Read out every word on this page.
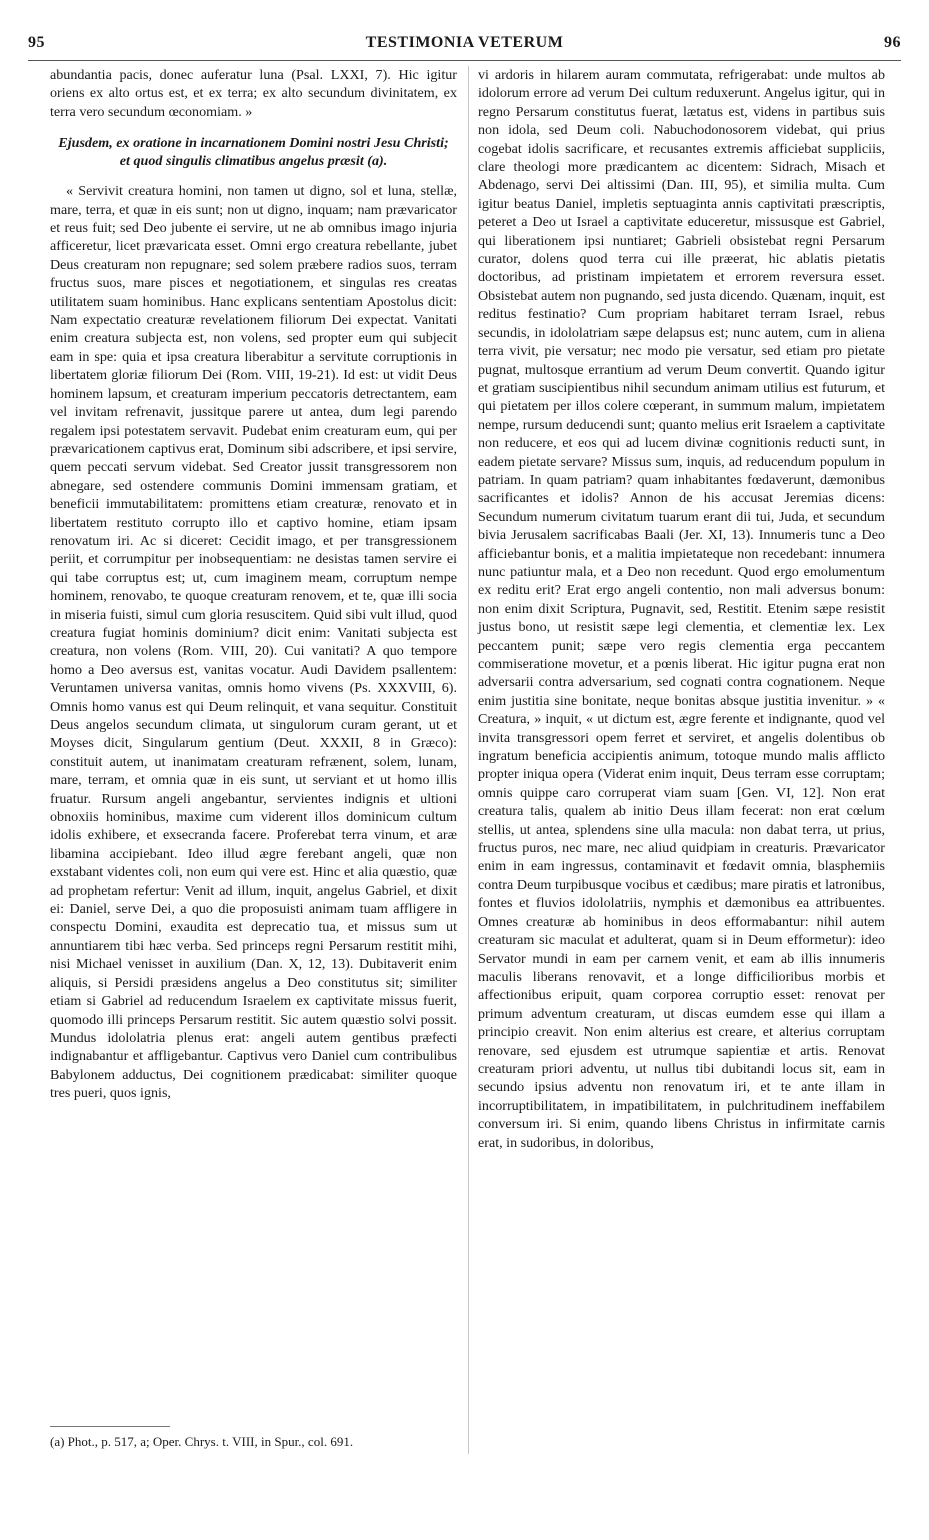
95	TESTIMONIA VETERUM	96

abundantia pacis, donec auferatur luna (Psal. LXXI, 7). Hic igitur oriens ex alto ortus est, et ex terra; ex alto secundum divinitatem, ex terra vero secundum œconomiam. »

Ejusdem, ex oratione in incarnationem Domini nostri Jesu Christi; et quod singulis climatibus angelus præsit (a).

« Servivit creatura homini, non tamen ut digno, sol et luna, stellæ, mare, terra, et quæ in eis sunt; non ut digno, inquam; nam prævaricator et reus fuit; sed Deo jubente ei servire, ut ne ab omnibus imago injuria afficeretur, licet prævaricata esset. Omni ergo creatura rebellante, jubet Deus creaturam non repugnare; sed solem præbere radios suos, terram fructus suos, mare pisces et negotiationem, et singulas res creatas utilitatem suam hominibus. Hanc explicans sententiam Apostolus dicit: Nam expectatio creaturæ revelationem filiorum Dei expectat. Vanitati enim creatura subjecta est, non volens, sed propter eum qui subjecit eam in spe: quia et ipsa creatura liberabitur a servitute corruptionis in libertatem gloriæ filiorum Dei (Rom. VIII, 19-21). Id est: ut vidit Deus hominem lapsum, et creaturam imperium peccatoris detrectantem, eam vel invitam refrenavit, jussitque parere ut antea, dum legi parendo regalem ipsi potestatem servavit. Pudebat enim creaturam eum, qui per prævaricationem captivus erat, Dominum sibi adscribere, et ipsi servire, quem peccati servum videbat. Sed Creator jussit transgressorem non abnegare, sed ostendere communis Domini immensam gratiam, et beneficii immutabilitatem: promittens etiam creaturæ, renovato et in libertatem restituto corrupto illo et captivo homine, etiam ipsam renovatum iri. Ac si diceret: Cecidit imago, et per transgressionem periit, et corrumpitur per inobsequentiam: ne desistas tamen servire ei qui tabe corruptus est; ut, cum imaginem meam, corruptum nempe hominem, renovabo, te quoque creaturam renovem, et te, quæ illi socia in miseria fuisti, simul cum gloria resuscitem. Quid sibi vult illud, quod creatura fugiat hominis dominium? dicit enim: Vanitati subjecta est creatura, non volens (Rom. VIII, 20). Cui vanitati? A quo tempore homo a Deo aversus est, vanitas vocatur. Audi Davidem psallentem: Veruntamen universa vanitas, omnis homo vivens (Ps. XXXVIII, 6). Omnis homo vanus est qui Deum relinquit, et vana sequitur. Constituit Deus angelos secundum climata, ut singulorum curam gerant, ut et Moyses dicit, Singularum gentium (Deut. XXXII, 8 in Græco): constituit autem, ut inanimatam creaturam refrænent, solem, lunam, mare, terram, et omnia quæ in eis sunt, ut serviant et ut homo illis fruatur. Rursum angeli angebantur, servientes indignis et ultioni obnoxiis hominibus, maxime cum viderent illos dominicum cultum idolis exhibere, et exsecranda facere. Proferebat terra vinum, et aræ libamina accipiebant. Ideo illud ægre ferebant angeli, quæ non exstabant videntes coli, non eum qui vere est. Hinc et alia quæstio, quæ ad prophetam refertur: Venit ad illum, inquit, angelus Gabriel, et dixit ei: Daniel, serve Dei, a quo die proposuisti animam tuam affligere in conspectu Domini, exaudita est deprecatio tua, et missus sum ut annuntiarem tibi hæc verba. Sed princeps regni Persarum restitit mihi, nisi Michael venisset in auxilium (Dan. X, 12, 13). Dubitaverit enim aliquis, si Persidi præsidens angelus a Deo constitutus sit; similiter etiam si Gabriel ad reducendum Israelem ex captivitate missus fuerit, quomodo illi princeps Persarum restitit. Sic autem quæstio solvi possit. Mundus idololatria plenus erat: angeli autem gentibus præfecti indignabantur et affligebantur. Captivus vero Daniel cum contribulibus Babylonem adductus, Dei cognitionem prædicabat: similiter quoque tres pueri, quos ignis,

vi ardoris in hilarem auram commutata, refrigerabat: unde multos ab idolorum errore ad verum Dei cultum reduxerunt. Angelus igitur, qui in regno Persarum constitutus fuerat, lætatus est, videns in partibus suis non idola, sed Deum coli. Nabuchodonosorem videbat, qui prius cogebat idolis sacrificare, et recusantes extremis afficiebat suppliciis, clare theologi more prædicantem ac dicentem: Sidrach, Misach et Abdenago, servi Dei altissimi (Dan. III, 95), et similia multa. Cum igitur beatus Daniel, impletis septuaginta annis captivitati præscriptis, peteret a Deo ut Israel a captivitate educeretur, missusque est Gabriel, qui liberationem ipsi nuntiaret; Gabrieli obsistebat regni Persarum curator, dolens quod terra cui ille præerat, hic ablatis pietatis doctoribus, ad pristinam impietatem et errorem reversura esset. Obsistebat autem non pugnando, sed justa dicendo. Quænam, inquit, est reditus festinatio? Cum propriam habitaret terram Israel, rebus secundis, in idololatriam sæpe delapsus est; nunc autem, cum in aliena terra vivit, pie versatur; nec modo pie versatur, sed etiam pro pietate pugnat, multosque errantium ad verum Deum convertit. Quando igitur et gratiam suscipientibus nihil secundum animam utilius est futurum, et qui pietatem per illos colere cœperant, in summum malum, impietatem nempe, rursum deducendi sunt; quanto melius erit Israelem a captivitate non reducere, et eos qui ad lucem divinæ cognitionis reducti sunt, in eadem pietate servare? Missus sum, inquis, ad reducendum populum in patriam. In quam patriam? quam inhabitantes fœdaverunt, dæmonibus sacrificantes et idolis? Annon de his accusat Jeremias dicens: Secundum numerum civitatum tuarum erant dii tui, Juda, et secundum bivia Jerusalem sacrificabas Baali (Jer. XI, 13). Innumeris tunc a Deo afficiebantur bonis, et a malitia impietateque non recedebant: innumera nunc patiuntur mala, et a Deo non recedunt. Quod ergo emolumentum ex reditu erit? Erat ergo angeli contentio, non mali adversus bonum: non enim dixit Scriptura, Pugnavit, sed, Restitit. Etenim sæpe resistit justus bono, ut resistit sæpe legi clementia, et clementiæ lex. Lex peccantem punit; sæpe vero regis clementia erga peccantem commiseratione movetur, et a pœnis liberat. Hic igitur pugna erat non adversarii contra adversarium, sed cognati contra cognationem. Neque enim justitia sine bonitate, neque bonitas absque justitia invenitur. » « Creatura, » inquit, « ut dictum est, ægre ferente et indignante, quod vel invita transgressori opem ferret et serviret, et angelis dolentibus ob ingratum beneficia accipientis animum, totoque mundo malis afflicto propter iniqua opera (Viderat enim inquit, Deus terram esse corruptam; omnis quippe caro corruperat viam suam [Gen. VI, 12]. Non erat creatura talis, qualem ab initio Deus illam fecerat: non erat cœlum stellis, ut antea, splendens sine ulla macula: non dabat terra, ut prius, fructus puros, nec mare, nec aliud quidpiam in creaturis. Prævaricator enim in eam ingressus, contaminavit et fœdavit omnia, blasphemiis contra Deum turpibusque vocibus et cædibus; mare piratis et latronibus, fontes et fluvios idololatriis, nymphis et dæmonibus ea attribuentes. Omnes creaturæ ab hominibus in deos efformabantur: nihil autem creaturam sic maculat et adulterat, quam si in Deum efformetur): ideo Servator mundi in eam per carnem venit, et eam ab illis innumeris maculis liberans renovavit, et a longe difficilioribus morbis et affectionibus eripuit, quam corporea corruptio esset: renovat per primum adventum creaturam, ut discas eumdem esse qui illam a principio creavit. Non enim alterius est creare, et alterius corruptam renovare, sed ejusdem est utrumque sapientiæ et artis. Renovat creaturam priori adventu, ut nullus tibi dubitandi locus sit, eam in secundo ipsius adventu non renovatum iri, et te ante illam in incorruptibilitatem, in impatibilitatem, in pulchritudinem ineffabilem conversum iri. Si enim, quando libens Christus in infirmitate carnis erat, in sudoribus, in doloribus,

(a) Phot., p. 517, a; Oper. Chrys. t. VIII, in Spur., col. 691.
